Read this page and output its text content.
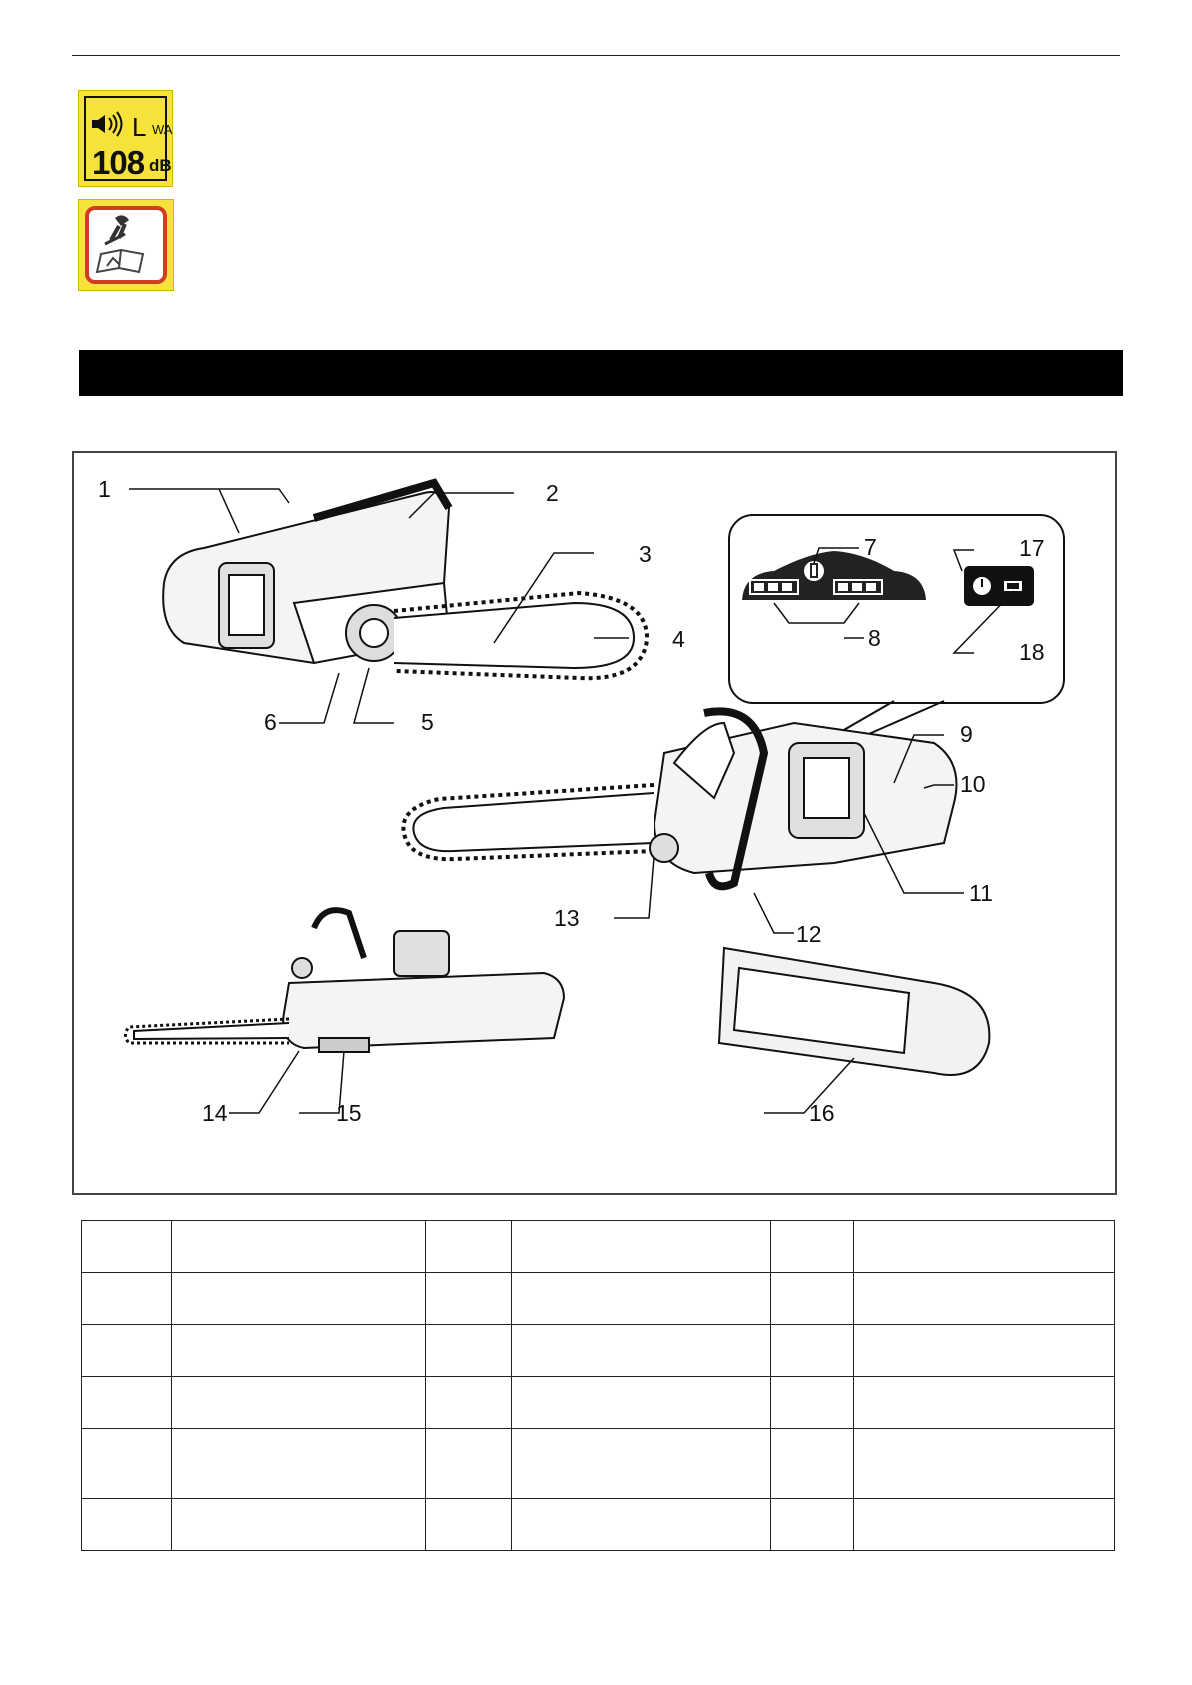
L WA
108 dB
1	2
3
4
5
6
7
8
9
10
11
12
13
14	15	16
17
18
